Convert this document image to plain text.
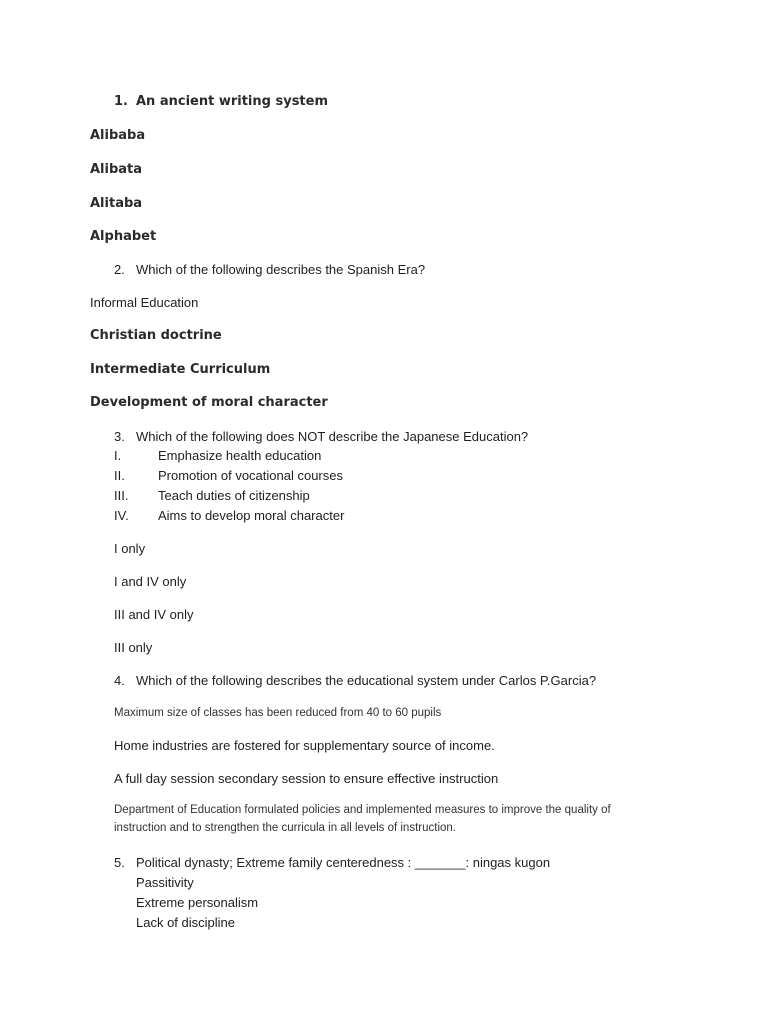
1. An ancient writing system
Alibaba
Alibata
Alitaba
Alphabet
2. Which of the following describes the Spanish Era?
Informal Education
Christian doctrine
Intermediate Curriculum
Development of moral character
3. Which of the following does NOT describe the Japanese Education?
I.	Emphasize health education
II.	Promotion of vocational courses
III. Teach duties of citizenship
IV. Aims to develop moral character
I only
I and IV only
III and IV only
III only
4. Which of the following describes the educational system under Carlos P.Garcia?
Maximum size of classes has been reduced from 40 to 60 pupils
Home industries are fostered for supplementary source of income.
A full day session secondary session to ensure effective instruction
Department of Education formulated policies and implemented measures to improve the quality of
instruction and to strengthen the curricula in all levels of instruction.
5. Political dynasty; Extreme family centeredness : _______: ningas kugon
Passitivity
Extreme personalism
Lack of discipline
